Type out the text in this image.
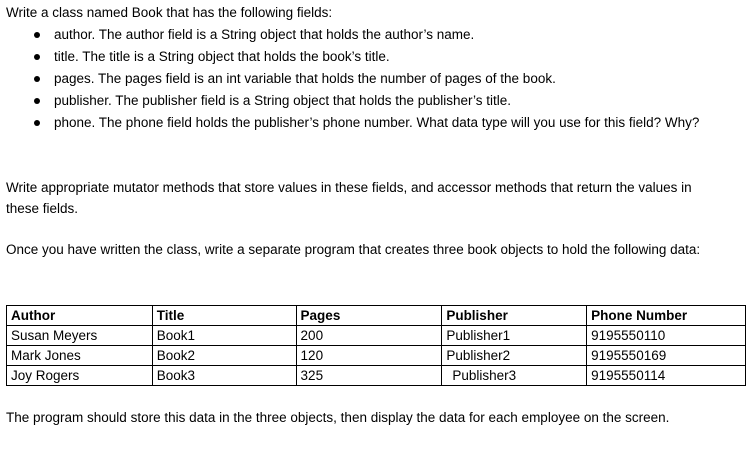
Write a class named Book that has the following fields:

author. The author field is a String object that holds the author’s name.
title. The title is a String object that holds the book’s title.
pages. The pages field is an int variable that holds the number of pages of the book.
publisher. The publisher field is a String object that holds the publisher’s title.
phone. The phone field holds the publisher’s phone number. What data type will you use for this field? Why?

Write appropriate mutator methods that store values in these fields, and accessor methods that return the values in these fields.

Once you have written the class, write a separate program that creates three book objects to hold the following data:

Author	Title	Pages	Publisher	Phone Number
Susan Meyers	Book1	200	Publisher1	9195550110
Mark Jones	Book2	120	Publisher2	9195550169
Joy Rogers	Book3	325	Publisher3	9195550114

The program should store this data in the three objects, then display the data for each employee on the screen.
